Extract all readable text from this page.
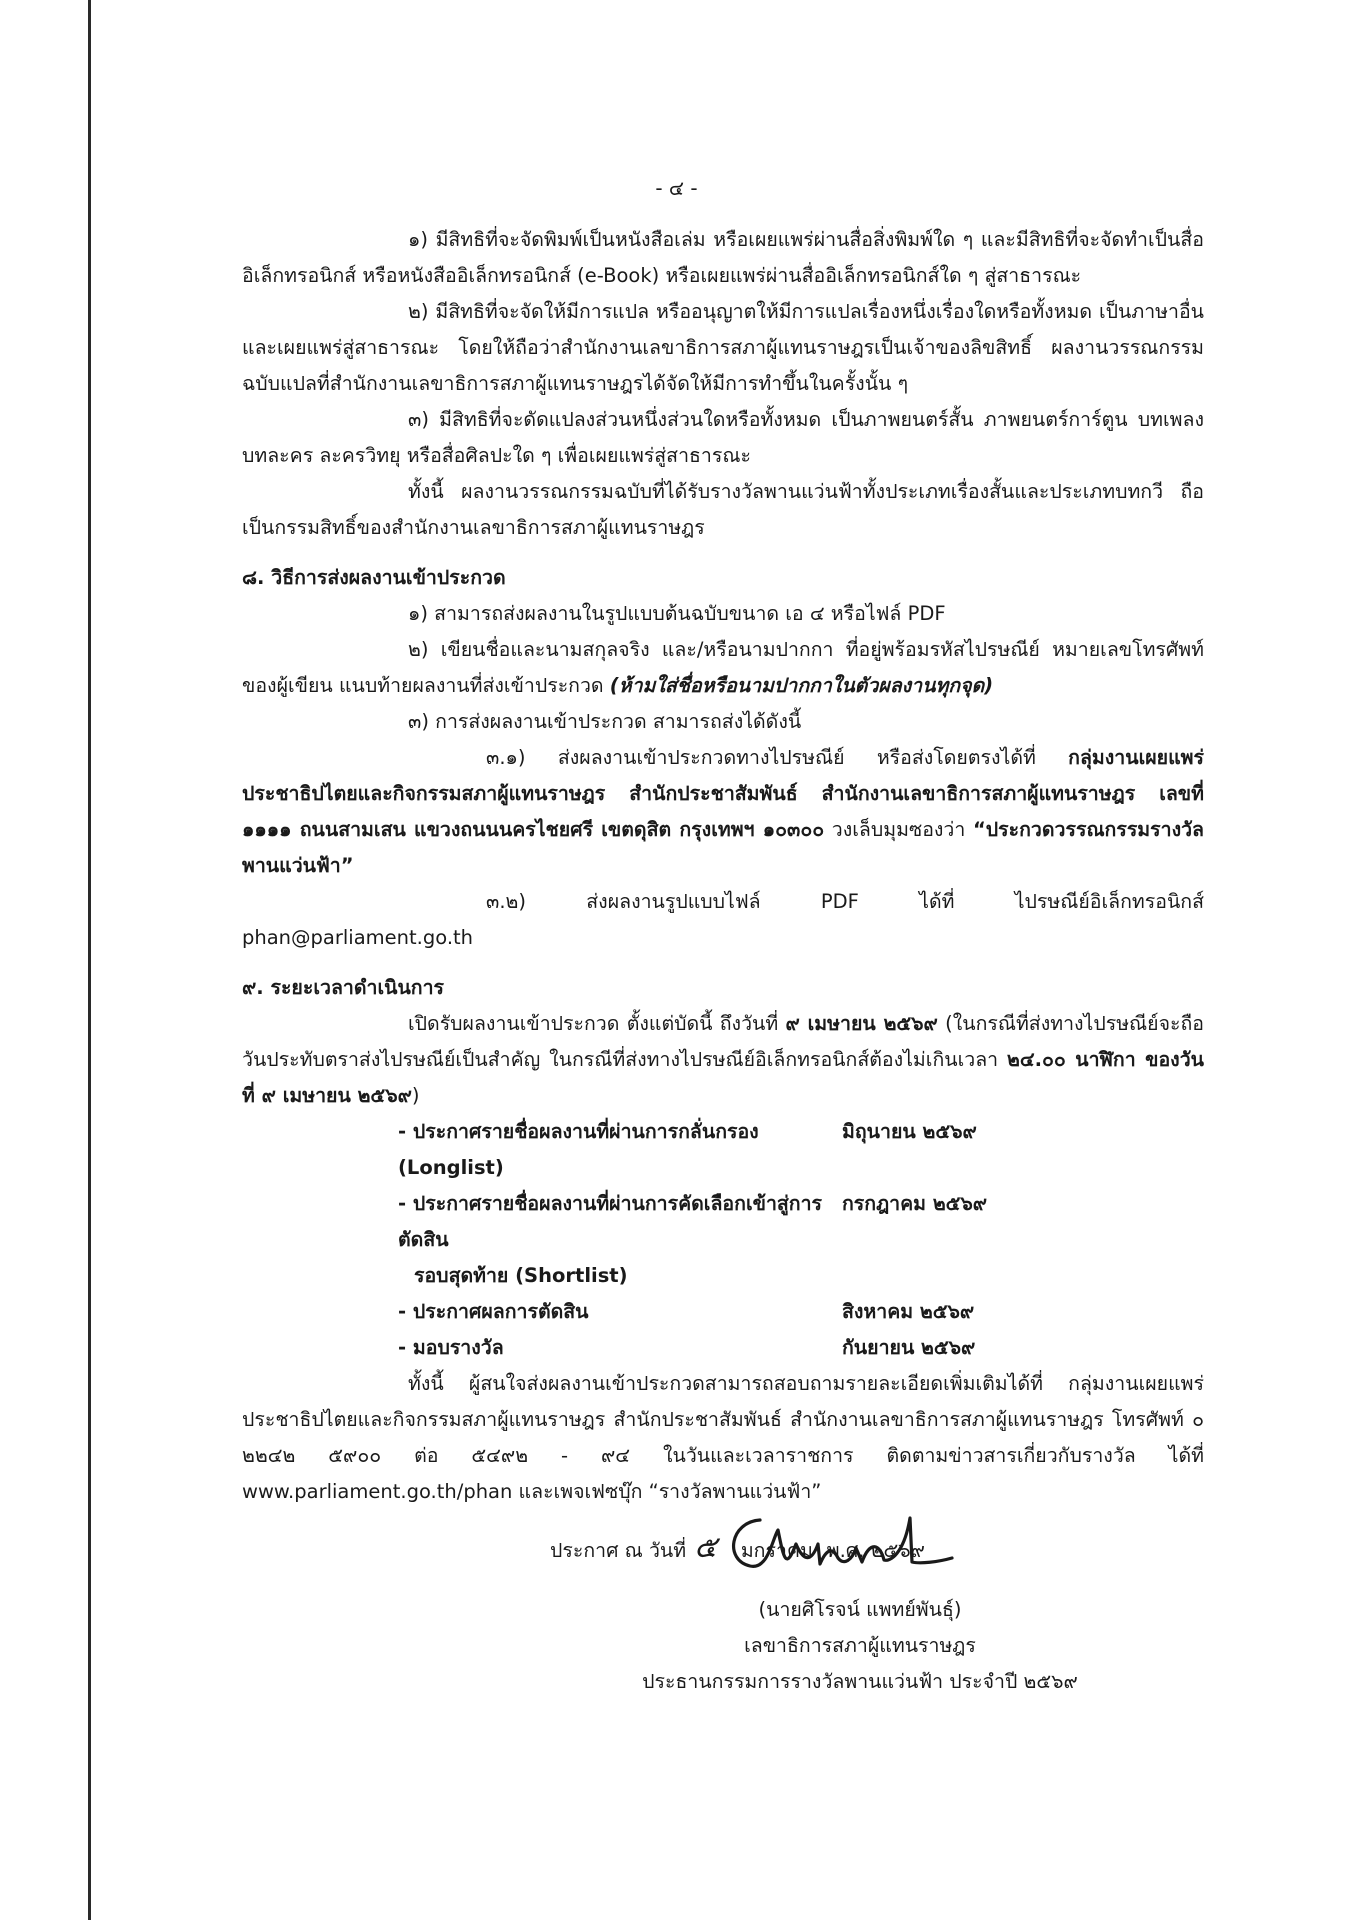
- ๔ -

๑) มีสิทธิที่จะจัดพิมพ์เป็นหนังสือเล่ม หรือเผยแพร่ผ่านสื่อสิ่งพิมพ์ใด ๆ และมีสิทธิที่จะจัดทำเป็นสื่ออิเล็กทรอนิกส์ หรือหนังสืออิเล็กทรอนิกส์ (e-Book) หรือเผยแพร่ผ่านสื่ออิเล็กทรอนิกส์ใด ๆ สู่สาธารณะ

๒) มีสิทธิที่จะจัดให้มีการแปล หรืออนุญาตให้มีการแปลเรื่องหนึ่งเรื่องใดหรือทั้งหมด เป็นภาษาอื่น และเผยแพร่สู่สาธารณะ โดยให้ถือว่าสำนักงานเลขาธิการสภาผู้แทนราษฎรเป็นเจ้าของลิขสิทธิ์ ผลงานวรรณกรรมฉบับแปลที่สำนักงานเลขาธิการสภาผู้แทนราษฎรได้จัดให้มีการทำขึ้นในครั้งนั้น ๆ

๓) มีสิทธิที่จะดัดแปลงส่วนหนึ่งส่วนใดหรือทั้งหมด เป็นภาพยนตร์สั้น ภาพยนตร์การ์ตูน บทเพลง บทละคร ละครวิทยุ หรือสื่อศิลปะใด ๆ เพื่อเผยแพร่สู่สาธารณะ

ทั้งนี้ ผลงานวรรณกรรมฉบับที่ได้รับรางวัลพานแว่นฟ้าทั้งประเภทเรื่องสั้นและประเภทบทกวี ถือเป็นกรรมสิทธิ์ของสำนักงานเลขาธิการสภาผู้แทนราษฎร

๘. วิธีการส่งผลงานเข้าประกวด

๑) สามารถส่งผลงานในรูปแบบต้นฉบับขนาด เอ ๔ หรือไฟล์ PDF

๒) เขียนชื่อและนามสกุลจริง และ/หรือนามปากกา ที่อยู่พร้อมรหัสไปรษณีย์ หมายเลขโทรศัพท์ของผู้เขียน แนบท้ายผลงานที่ส่งเข้าประกวด (ห้ามใส่ชื่อหรือนามปากกาในตัวผลงานทุกจุด)

๓) การส่งผลงานเข้าประกวด สามารถส่งได้ดังนี้

๓.๑) ส่งผลงานเข้าประกวดทางไปรษณีย์ หรือส่งโดยตรงได้ที่ กลุ่มงานเผยแพร่ประชาธิปไตยและกิจกรรมสภาผู้แทนราษฎร สำนักประชาสัมพันธ์ สำนักงานเลขาธิการสภาผู้แทนราษฎร เลขที่ ๑๑๑๑ ถนนสามเสน แขวงถนนนครไชยศรี เขตดุสิต กรุงเทพฯ ๑๐๓๐๐ วงเล็บมุมซองว่า “ประกวดวรรณกรรมรางวัลพานแว่นฟ้า”

๓.๒) ส่งผลงานรูปแบบไฟล์ PDF ได้ที่ ไปรษณีย์อิเล็กทรอนิกส์ phan@parliament.go.th

๙. ระยะเวลาดำเนินการ

เปิดรับผลงานเข้าประกวด ตั้งแต่บัดนี้ ถึงวันที่ ๙ เมษายน ๒๕๖๙ (ในกรณีที่ส่งทางไปรษณีย์จะถือวันประทับตราส่งไปรษณีย์เป็นสำคัญ ในกรณีที่ส่งทางไปรษณีย์อิเล็กทรอนิกส์ต้องไม่เกินเวลา ๒๔.๐๐ นาฬิกา ของวันที่ ๙ เมษายน ๒๕๖๙)

- ประกาศรายชื่อผลงานที่ผ่านการกลั่นกรอง (Longlist)
มิถุนายน ๒๕๖๙
- ประกาศรายชื่อผลงานที่ผ่านการคัดเลือกเข้าสู่การตัดสิน
กรกฎาคม ๒๕๖๙
รอบสุดท้าย (Shortlist)
- ประกาศผลการตัดสิน	สิงหาคม ๒๕๖๙
- มอบรางวัล	กันยายน ๒๕๖๙

ทั้งนี้ ผู้สนใจส่งผลงานเข้าประกวดสามารถสอบถามรายละเอียดเพิ่มเติมได้ที่ กลุ่มงานเผยแพร่ประชาธิปไตยและกิจกรรมสภาผู้แทนราษฎร สำนักประชาสัมพันธ์ สำนักงานเลขาธิการสภาผู้แทนราษฎร โทรศัพท์ ๐ ๒๒๔๒ ๕๙๐๐ ต่อ ๕๔๙๒ - ๙๔ ในวันและเวลาราชการ ติดตามข่าวสารเกี่ยวกับรางวัล ได้ที่ www.parliament.go.th/phan และเพจเฟซบุ๊ก “รางวัลพานแว่นฟ้า”

ประกาศ ณ วันที่ ๕ มกราคม พ.ศ. ๒๕๖๙
(นายศิโรจน์ แพทย์พันธุ์)
เลขาธิการสภาผู้แทนราษฎร
ประธานกรรมการรางวัลพานแว่นฟ้า ประจำปี ๒๕๖๙
